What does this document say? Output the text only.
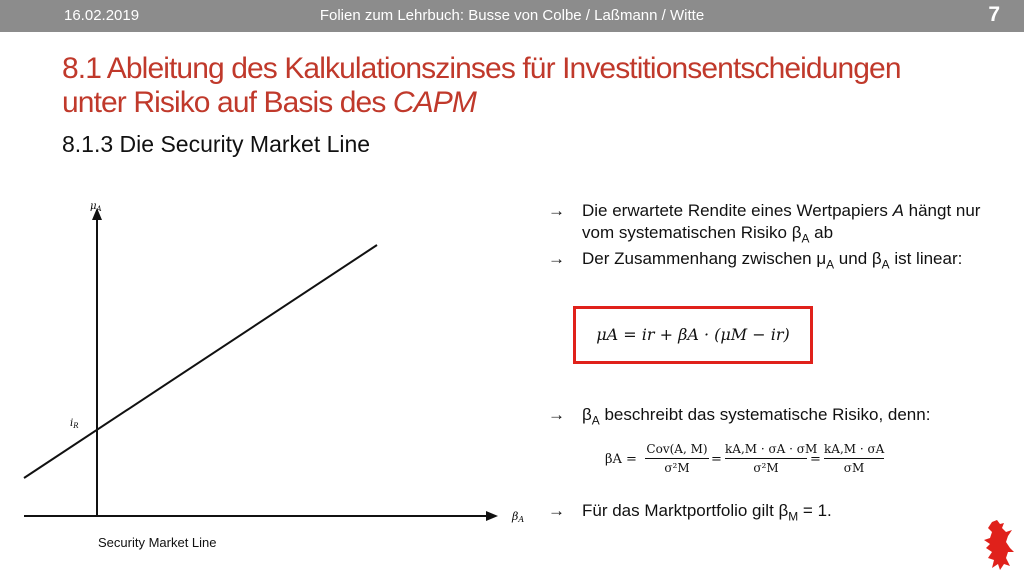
16.02.2019	Folien zum Lehrbuch: Busse von Colbe / Laßmann / Witte	7
8.1 Ableitung des Kalkulationszinses für Investitionsentscheidungen
unter Risiko auf Basis des CAPM
8.1.3 Die Security Market Line
$\mu_A$
$i_R$
βA
Security Market Line
→ Die erwartete Rendite eines Wertpapiers A hängt nur vom systematischen Risiko $\beta_A$ ab
→ Der Zusammenhang zwischen $\mu_A$ und $\beta_A$ ist linear:
→ $\beta_A$ beschreibt das systematische Risiko, denn:
→ Für das Marktportfolio gilt $\beta_M = 1$.
μA = ir + βA · (μM − ir)
βA =
Cov(A, M)
σ²M
=
kA,M · σA · σM
σ²M
=
kA,M · σA
σM
